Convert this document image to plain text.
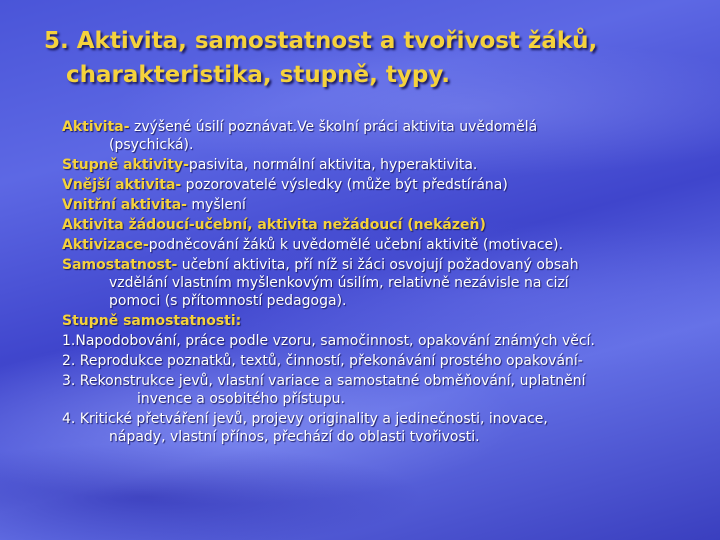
5. Aktivita, samostatnost a tvořivost žáků,
charakteristika, stupně, typy.

Aktivita- zvýšené úsilí poznávat.Ve školní práci aktivita uvědomělá
(psychická).

Stupně aktivity-pasivita, normální aktivita, hyperaktivita.

Vnější aktivita- pozorovatelé výsledky (může být předstírána)

Vnitřní aktivita- myšlení

Aktivita žádoucí-učební, aktivita nežádoucí (nekázeň)

Aktivizace-podněcování žáků k uvědomělé učební aktivitě (motivace).

Samostatnost- učební aktivita, pří níž si žáci osvojují požadovaný obsah
vzdělání vlastním myšlenkovým úsilím, relativně nezávisle na cizí
pomoci (s přítomností pedagoga).

Stupně samostatnosti:

1.Napodobování, práce podle vzoru, samočinnost, opakování známých věcí.

2. Reprodukce poznatků, textů, činností, překonávání prostého opakování-

3. Rekonstrukce jevů, vlastní variace a samostatné obměňování, uplatnění
invence a osobitého přístupu.

4. Kritické přetváření jevů, projevy originality a jedinečnosti, inovace,
nápady, vlastní přínos, přechází do oblasti tvořivosti.
